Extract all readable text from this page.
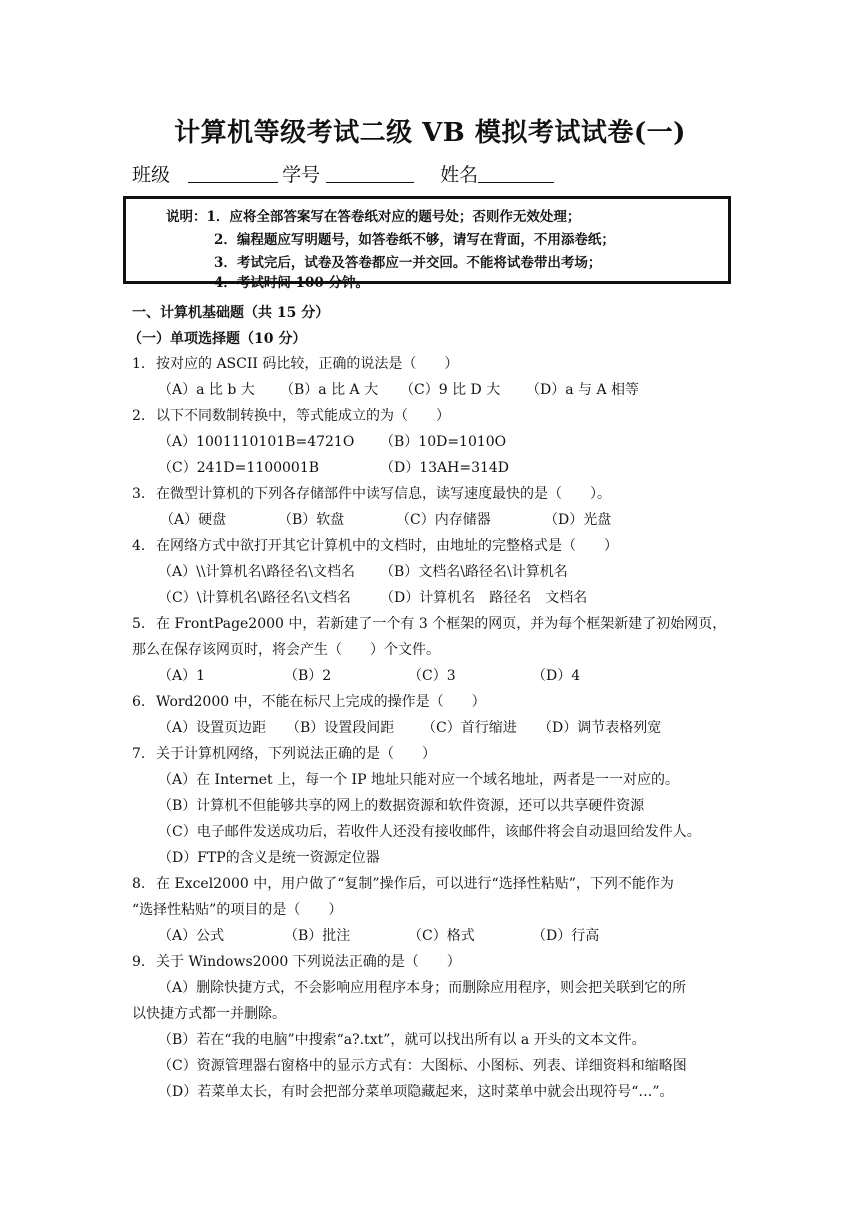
计算机等级考试二级 VB 模拟考试试卷(一)
班级	学号	姓名
说明：1．应将全部答案写在答卷纸对应的题号处；否则作无效处理；
2．编程题应写明题号，如答卷纸不够，请写在背面，不用添卷纸；
3．考试完后，试卷及答卷都应一并交回。不能将试卷带出考场；
4．考试时间 100 分钟。
一、计算机基础题（共 15 分）
（一）单项选择题（10 分）
1. 按对应的 ASCII 码比较，正确的说法是（　　）
（A）a 比 b 大 （B）a 比 A 大 （C）9 比 D 大 （D）a 与 A 相等
2. 以下不同数制转换中，等式能成立的为（　　）
（A）1001110101B=4721O （B）10D=1010O
（C）241D=1100001B	（D）13AH=314D
3. 在微型计算机的下列各存储部件中读写信息，读写速度最快的是（　　）。
（A）硬盘	（B）软盘	（C）内存储器	（D）光盘
4. 在网络方式中欲打开其它计算机中的文档时，由地址的完整格式是（　　）
（A）\\计算机名\路径名\文档名 （B）文档名\路径名\计算机名
（C）\计算机名\路径名\文档名 （D）计算机名　路径名　文档名
5. 在 FrontPage2000 中，若新建了一个有 3 个框架的网页，并为每个框架新建了初始网页，
那么在保存该网页时，将会产生（　　）个文件。
（A）1	（B）2	（C）3	（D）4
6. Word2000 中，不能在标尺上完成的操作是（　　）
（A）设置页边距 （B）设置段间距 （C）首行缩进 （D）调节表格列宽
7. 关于计算机网络，下列说法正确的是（　　）
（A）在 Internet 上，每一个 IP 地址只能对应一个域名地址，两者是一一对应的。
（B）计算机不但能够共享的网上的数据资源和软件资源，还可以共享硬件资源
（C）电子邮件发送成功后，若收件人还没有接收邮件，该邮件将会自动退回给发件人。
（D）FTP的含义是统一资源定位器
8. 在 Excel2000 中，用户做了“复制”操作后，可以进行“选择性粘贴”，下列不能作为
“选择性粘贴”的项目的是（　　）
（A）公式	（B）批注	（C）格式	（D）行高
9. 关于 Windows2000 下列说法正确的是（　　）
（A）删除快捷方式，不会影响应用程序本身；而删除应用程序，则会把关联到它的所
以快捷方式都一并删除。
（B）若在“我的电脑”中搜索“a?.txt”，就可以找出所有以 a 开头的文本文件。
（C）资源管理器右窗格中的显示方式有：大图标、小图标、列表、详细资料和缩略图
（D）若菜单太长，有时会把部分菜单项隐藏起来，这时菜单中就会出现符号“…”。
